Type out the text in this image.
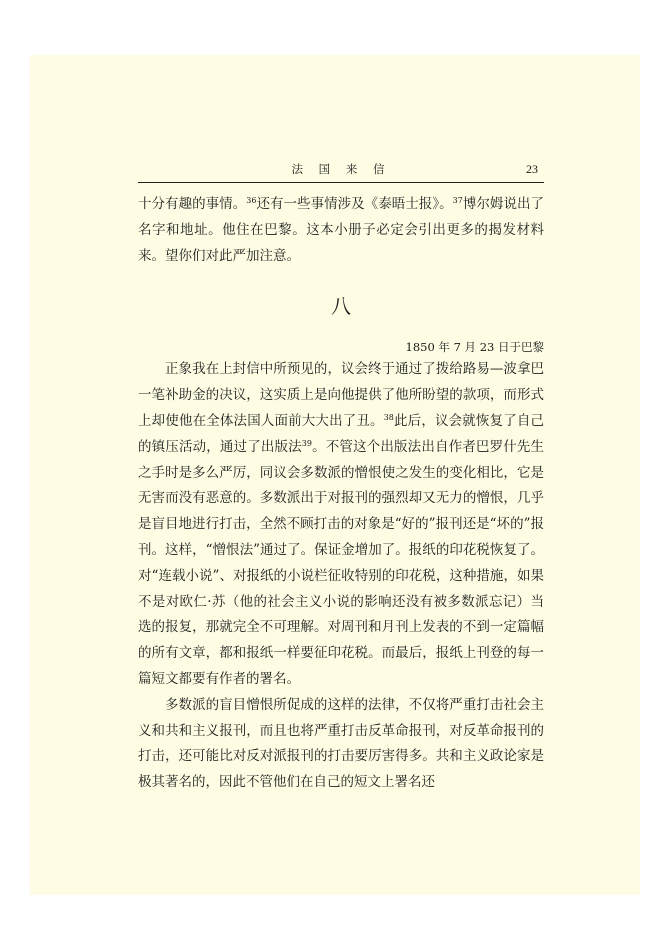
法 国 来 信	23

十分有趣的事情。$^{36}$还有一些事情涉及《泰晤士报》。$^{37}$博尔姆说出了名字和地址。他住在巴黎。这本小册子必定会引出更多的揭发材料来。望你们对此严加注意。

八

1850 年 7 月 23 日于巴黎

正象我在上封信中所预见的，议会终于通过了拨给路易—波拿巴一笔补助金的决议，这实质上是向他提供了他所盼望的款项，而形式上却使他在全体法国人面前大大出了丑。$^{38}$此后，议会就恢复了自己的镇压活动，通过了出版法$^{39}$。不管这个出版法出自作者巴罗什先生之手时是多么严厉，同议会多数派的憎恨使之发生的变化相比，它是无害而没有恶意的。多数派出于对报刊的强烈却又无力的憎恨，几乎是盲目地进行打击，全然不顾打击的对象是“好的”报刊还是“坏的”报刊。这样，“憎恨法”通过了。保证金增加了。报纸的印花税恢复了。对“连载小说”、对报纸的小说栏征收特别的印花税，这种措施，如果不是对欧仁·苏（他的社会主义小说的影响还没有被多数派忘记）当选的报复，那就完全不可理解。对周刊和月刊上发表的不到一定篇幅的所有文章，都和报纸一样要征印花税。而最后，报纸上刊登的每一篇短文都要有作者的署名。

多数派的盲目憎恨所促成的这样的法律，不仅将严重打击社会主义和共和主义报刊，而且也将严重打击反革命报刊，对反革命报刊的打击，还可能比对反对派报刊的打击要厉害得多。共和主义政论家是极其著名的，因此不管他们在自己的短文上署名还
